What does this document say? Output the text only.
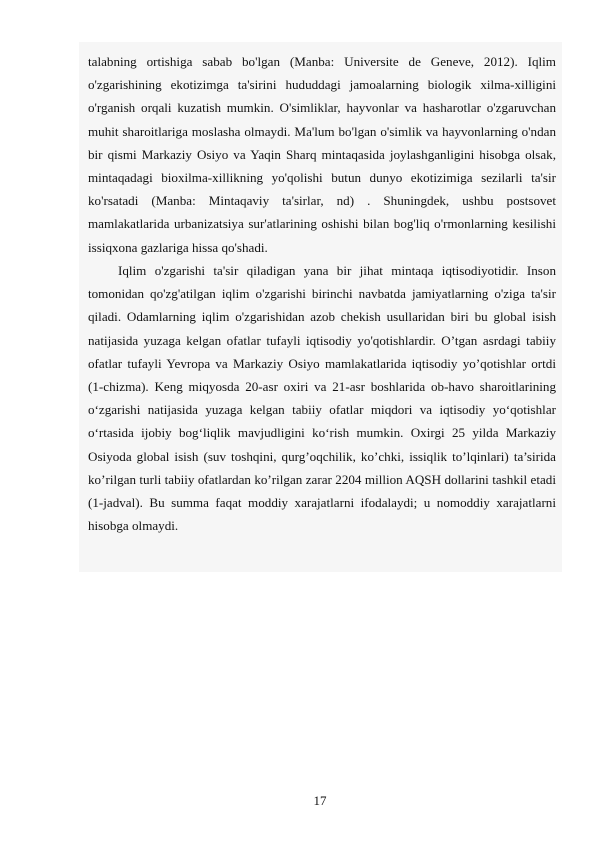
talabning ortishiga sabab bo'lgan (Manba: Universite de Geneve, 2012). Iqlim o'zgarishining ekotizimga ta'sirini hududdagi jamoalarning biologik xilma-xilligini o'rganish orqali kuzatish mumkin. O'simliklar, hayvonlar va hasharotlar o'zgaruvchan muhit sharoitlariga moslasha olmaydi. Ma'lum bo'lgan o'simlik va hayvonlarning o'ndan bir qismi Markaziy Osiyo va Yaqin Sharq mintaqasida joylashganligini hisobga olsak, mintaqadagi bioxilma-xillikning yo'qolishi butun dunyo ekotizimiga sezilarli ta'sir ko'rsatadi (Manba: Mintaqaviy ta'sirlar, nd) . Shuningdek, ushbu postsovet mamlakatlarida urbanizatsiya sur'atlarining oshishi bilan bog'liq o'rmonlarning kesilishi issiqxona gazlariga hissa qo'shadi.

Iqlim o'zgarishi ta'sir qiladigan yana bir jihat mintaqa iqtisodiyotidir. Inson tomonidan qo'zg'atilgan iqlim o'zgarishi birinchi navbatda jamiyatlarning o'ziga ta'sir qiladi. Odamlarning iqlim o'zgarishidan azob chekish usullaridan biri bu global isish natijasida yuzaga kelgan ofatlar tufayli iqtisodiy yo'qotishlardir. O’tgan asrdagi tabiiy ofatlar tufayli Yevropa va Markaziy Osiyo mamlakatlarida iqtisodiy yo’qotishlar ortdi (1-chizma). Keng miqyosda 20-asr oxiri va 21-asr boshlarida ob-havo sharoitlarining o‘zgarishi natijasida yuzaga kelgan tabiiy ofatlar miqdori va iqtisodiy yo‘qotishlar o‘rtasida ijobiy bog‘liqlik mavjudligini ko‘rish mumkin. Oxirgi 25 yilda Markaziy Osiyoda global isish (suv toshqini, qurg’oqchilik, ko’chki, issiqlik to’lqinlari) ta’sirida ko’rilgan turli tabiiy ofatlardan ko’rilgan zarar 2204 million AQSH dollarini tashkil etadi (1-jadval). Bu summa faqat moddiy xarajatlarni ifodalaydi; u nomoddiy xarajatlarni hisobga olmaydi.

17
